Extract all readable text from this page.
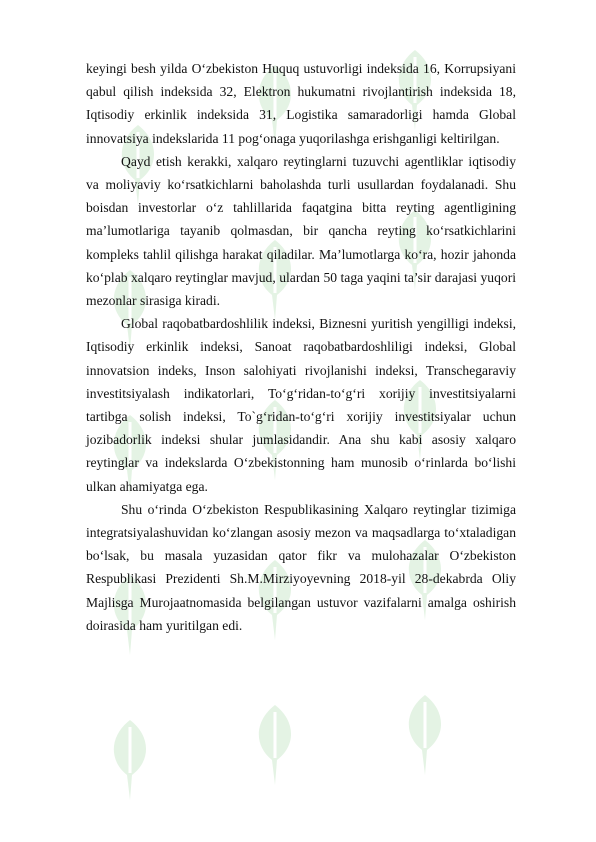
keyingi besh yilda O‘zbekiston Huquq ustuvorligi indeksida 16, Korrupsiyani qabul qilish indeksida 32, Elektron hukumatni rivojlantirish indeksida 18, Iqtisodiy erkinlik indeksida 31, Logistika samaradorligi hamda Global innovatsiya indekslarida 11 pog‘onaga yuqorilashga erishganligi keltirilgan.

Qayd etish kerakki, xalqaro reytinglarni tuzuvchi agentliklar iqtisodiy va moliyaviy ko‘rsatkichlarni baholashda turli usullardan foydalanadi. Shu boisdan investorlar o‘z tahlillarida faqatgina bitta reyting agentligining ma’lumotlariga tayanib qolmasdan, bir qancha reyting ko‘rsatkichlarini kompleks tahlil qilishga harakat qiladilar. Ma’lumotlarga ko‘ra, hozir jahonda ko‘plab xalqaro reytinglar mavjud, ulardan 50 taga yaqini ta’sir darajasi yuqori mezonlar sirasiga kiradi.

Global raqobatbardoshlilik indeksi, Biznesni yuritish yengilligi indeksi, Iqtisodiy erkinlik indeksi, Sanoat raqobatbardoshliligi indeksi, Global innovatsion indeks, Inson salohiyati rivojlanishi indeksi, Transchegaraviy investitsiyalash indikatorlari, To‘g‘ridan-to‘g‘ri xorijiy investitsiyalarni tartibga solish indeksi, To`g‘ridan-to‘g‘ri xorijiy investitsiyalar uchun jozibadorlik indeksi shular jumlasidandir. Ana shu kabi asosiy xalqaro reytinglar va indekslarda O‘zbekistonning ham munosib o‘rinlarda bo‘lishi ulkan ahamiyatga ega.

Shu o‘rinda O‘zbekiston Respublikasining Xalqaro reytinglar tizimiga integratsiyalashuvidan ko‘zlangan asosiy mezon va maqsadlarga to‘xtaladigan bo‘lsak, bu masala yuzasidan qator fikr va mulohazalar O‘zbekiston Respublikasi Prezidenti Sh.M.Mirziyoyevning 2018-yil 28-dekabrda Oliy Majlisga Murojaatnomasida belgilangan ustuvor vazifalarni amalga oshirish doirasida ham yuritilgan edi.
